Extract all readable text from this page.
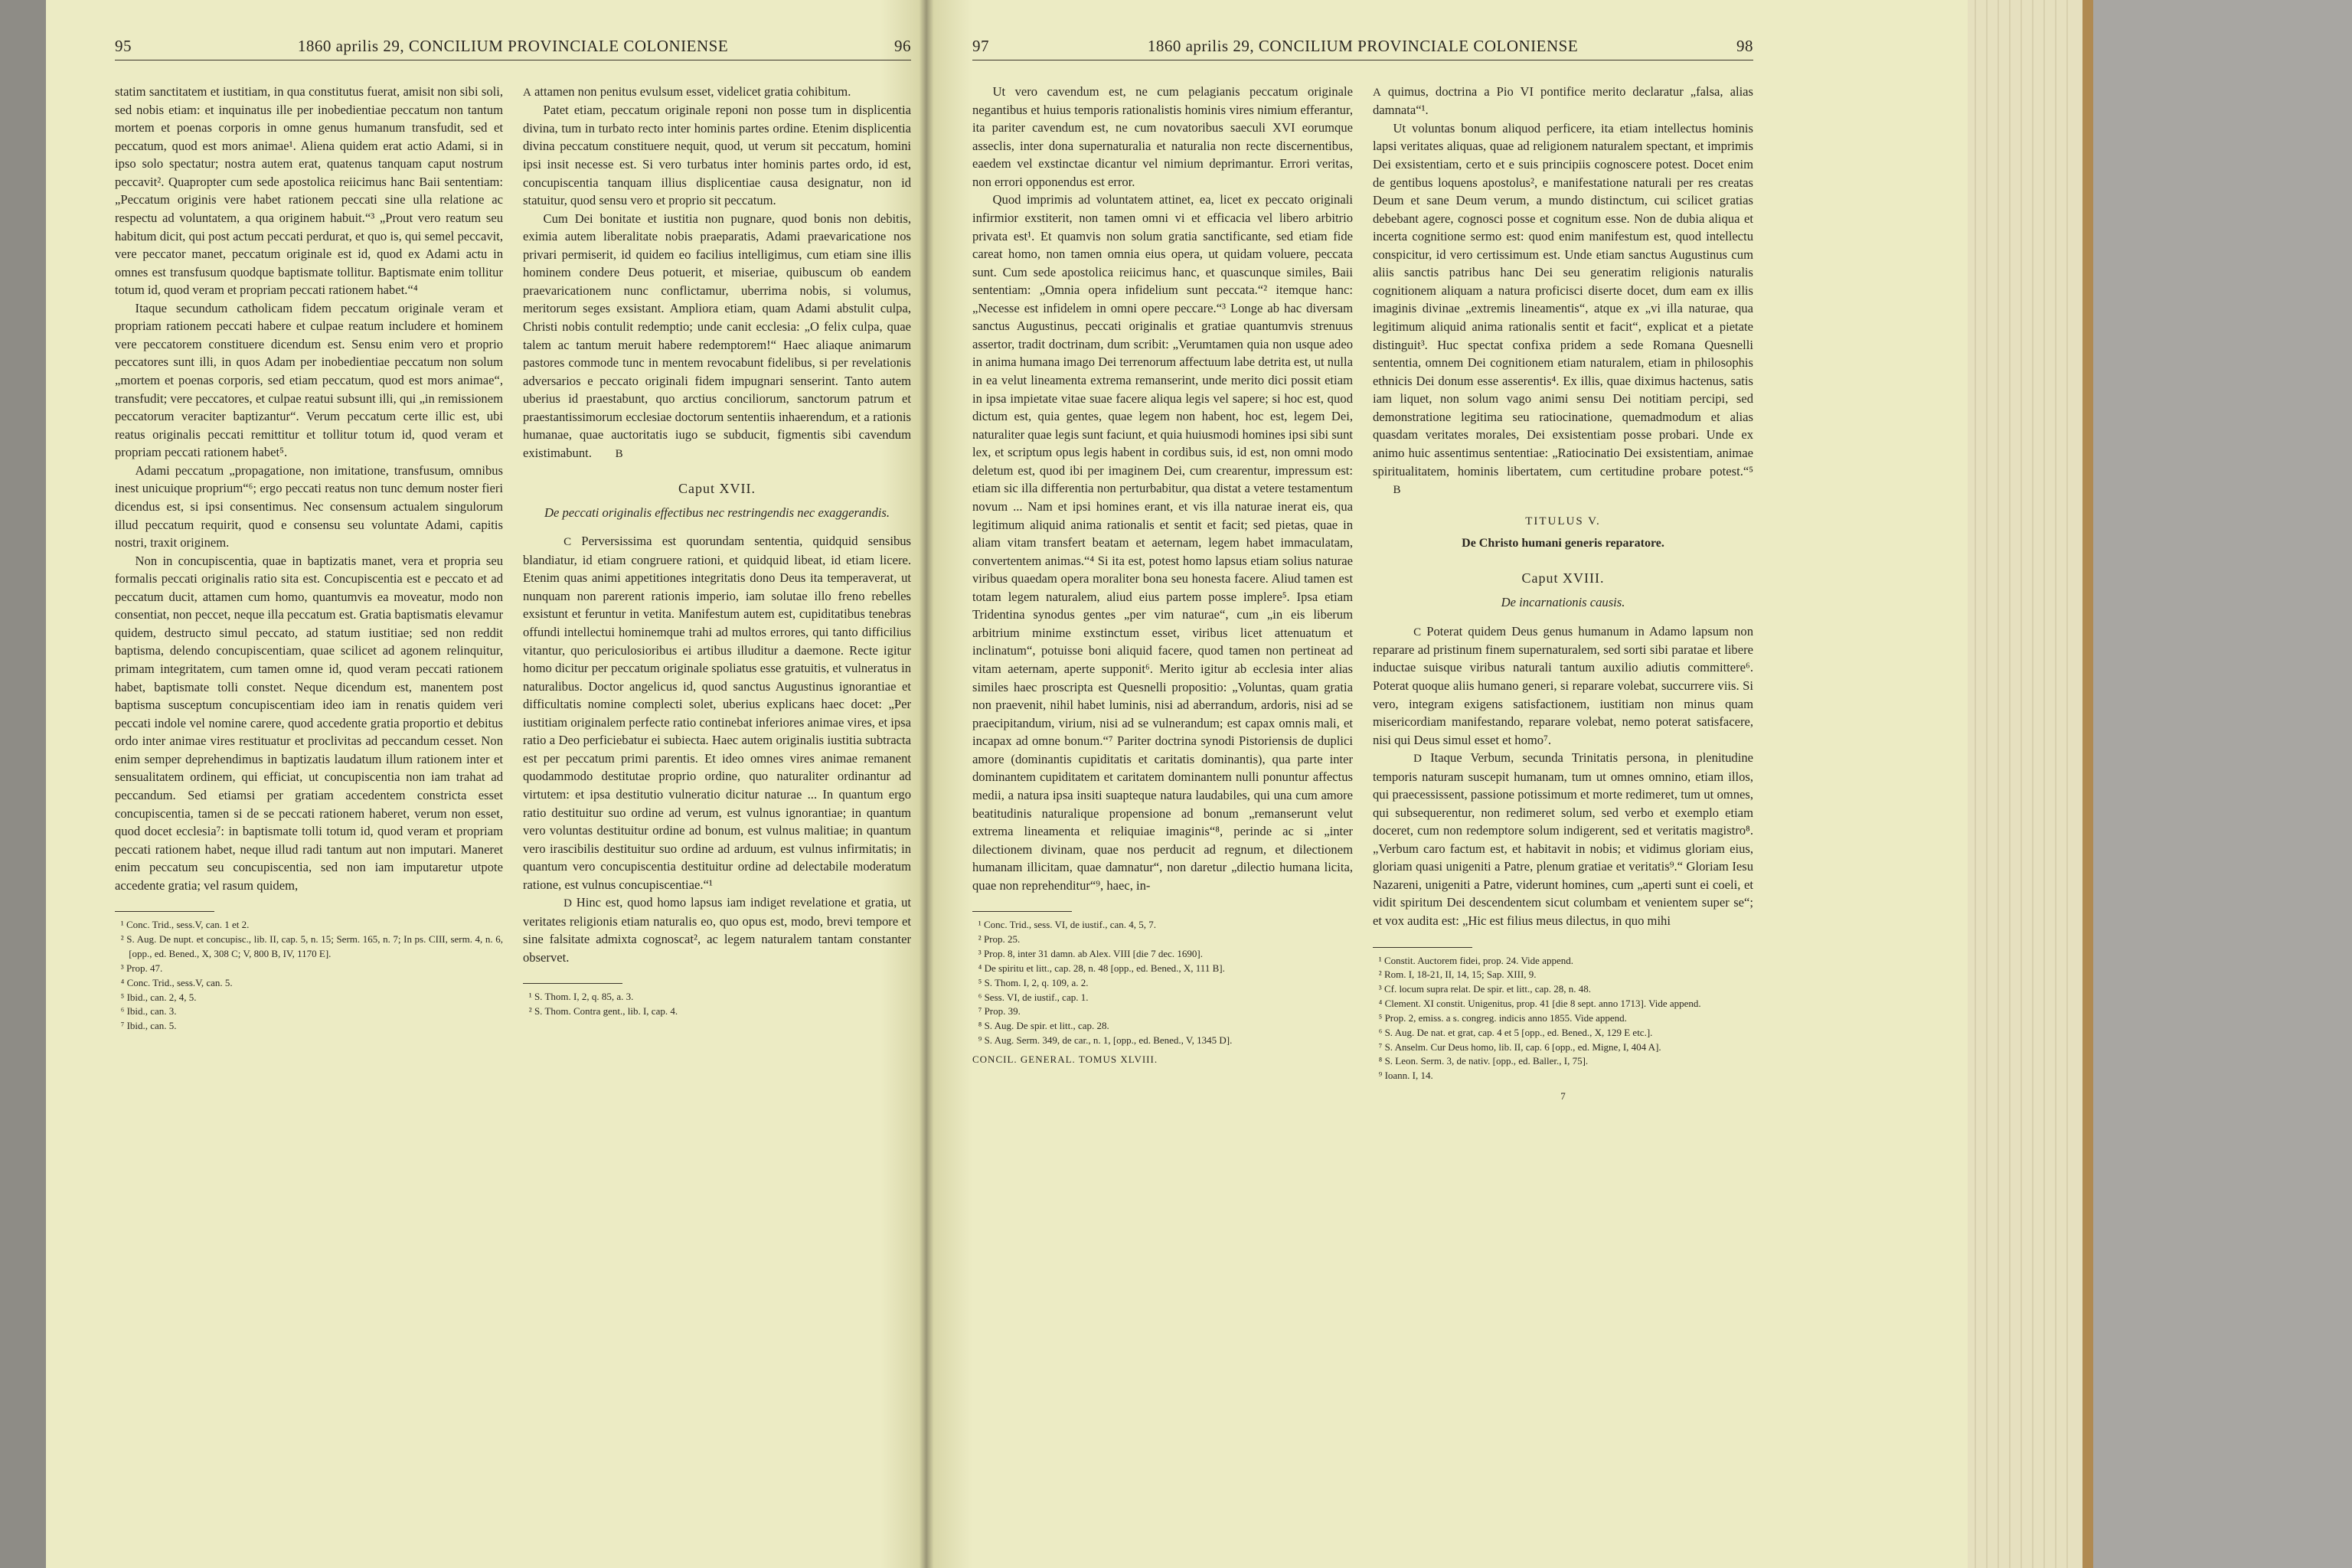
95	1860 aprilis 29, CONCILIUM PROVINCIALE COLONIENSE	96

statim sanctitatem et iustitiam, in qua constitutus fuerat, amisit non sibi soli, sed nobis etiam: et inquinatus ille per inobedientiae peccatum non tantum mortem et poenas corporis in omne genus humanum transfudit, sed et peccatum, quod est mors animae¹. Aliena quidem erat actio Adami, si in ipso solo spectatur; nostra autem erat, quatenus tanquam caput nostrum peccavit². Quapropter cum sede apostolica reiicimus hanc Baii sententiam: „Peccatum originis vere habet rationem peccati sine ulla relatione ac respectu ad voluntatem, a qua originem habuit.“³ „Prout vero reatum seu habitum dicit, qui post actum peccati perdurat, et quo is, qui semel peccavit, vere peccator manet, peccatum originale est id, quod ex Adami actu in omnes est transfusum quodque baptismate tollitur. Baptismate enim tollitur totum id, quod veram et propriam peccati rationem habet.“⁴

Itaque secundum catholicam fidem peccatum originale veram et propriam rationem peccati habere et culpae reatum includere et hominem vere peccatorem constituere dicendum est. Sensu enim vero et proprio peccatores sunt illi, in quos Adam per inobedientiae peccatum non solum „mortem et poenas corporis, sed etiam peccatum, quod est mors animae“, transfudit; vere peccatores, et culpae reatui subsunt illi, qui „in remissionem peccatorum veraciter baptizantur“. Verum peccatum certe illic est, ubi reatus originalis peccati remittitur et tollitur totum id, quod veram et propriam peccati rationem habet⁵.

Adami peccatum „propagatione, non imitatione, transfusum, omnibus inest unicuique proprium“⁶; ergo peccati reatus non tunc demum noster fieri dicendus est, si ipsi consentimus. Nec consensum actualem singulorum illud peccatum requirit, quod e consensu seu voluntate Adami, capitis nostri, traxit originem.

Non in concupiscentia, quae in baptizatis manet, vera et propria seu formalis peccati originalis ratio sita est. Concupiscentia est e peccato et ad peccatum ducit, attamen cum homo, quantumvis ea moveatur, modo non consentiat, non peccet, neque illa peccatum est. Gratia baptismatis elevamur quidem, destructo simul peccato, ad statum iustitiae; sed non reddit baptisma, delendo concupiscentiam, quae scilicet ad agonem relinquitur, primam integritatem, cum tamen omne id, quod veram peccati rationem habet, baptismate tolli constet. Neque dicendum est, manentem post baptisma susceptum concupiscentiam ideo iam in renatis quidem veri peccati indole vel nomine carere, quod accedente gratia proportio et debitus ordo inter animae vires restituatur et proclivitas ad peccandum cesset. Non enim semper deprehendimus in baptizatis laudatum illum rationem inter et sensualitatem ordinem, qui efficiat, ut concupiscentia non iam trahat ad peccandum. Sed etiamsi per gratiam accedentem constricta esset concupiscentia, tamen si de se peccati rationem haberet, verum non esset, quod docet ecclesia⁷: in baptismate tolli totum id, quod veram et propriam peccati rationem habet, neque illud radi tantum aut non imputari. Maneret enim peccatum seu concupiscentia, sed non iam imputaretur utpote accedente gratia; vel rasum quidem,

¹ Conc. Trid., sess.V, can. 1 et 2.
² S. Aug. De nupt. et concupisc., lib. II, cap. 5, n. 15; Serm. 165, n. 7; In ps. CIII, serm. 4, n. 6, [opp., ed. Bened., X, 308 C; V, 800 B, IV, 1170 E].
³ Prop. 47.
⁴ Conc. Trid., sess.V, can. 5.
⁵ Ibid., can. 2, 4, 5.
⁶ Ibid., can. 3.
⁷ Ibid., can. 5.

A attamen non penitus evulsum esset, videlicet gratia cohibitum.

Patet etiam, peccatum originale reponi non posse tum in displicentia divina, tum in turbato recto inter hominis partes ordine. Etenim displicentia divina peccatum constituere nequit, quod, ut verum sit peccatum, homini ipsi insit necesse est. Si vero turbatus inter hominis partes ordo, id est, concupiscentia tanquam illius displicentiae causa designatur, non id statuitur, quod sensu vero et proprio sit peccatum.

Cum Dei bonitate et iustitia non pugnare, quod bonis non debitis, eximia autem liberalitate nobis praeparatis, Adami praevaricatione nos privari permiserit, id quidem eo facilius intelligimus, cum etiam sine illis hominem condere Deus potuerit, et miseriae, quibuscum ob eandem praevaricationem nunc conflictamur, uberrima nobis, si volumus, meritorum seges exsistant. Ampliora etiam, quam Adami abstulit culpa, Christi nobis contulit redemptio; unde canit ecclesia: „O felix culpa, quae talem ac tantum meruit habere redemptorem!“ Haec aliaque animarum pastores commode tunc in mentem revocabunt fidelibus, si per revelationis adversarios e peccato originali fidem impugnari senserint. Tanto autem uberius id praestabunt, quo arctius conciliorum, sanctorum patrum et praestantissimorum ecclesiae doctorum sententiis inhaerendum, et a rationis humanae, quae auctoritatis iugo se subducit, figmentis sibi cavendum existimabunt. B

Caput XVII.
De peccati originalis effectibus nec restringendis nec exaggerandis.

C Perversissima est quorundam sententia, quidquid sensibus blandiatur, id etiam congruere rationi, et quidquid libeat, id etiam licere. Etenim quas animi appetitiones integritatis dono Deus ita temperaverat, ut nunquam non parerent rationis imperio, iam solutae illo freno rebelles exsistunt et feruntur in vetita. Manifestum autem est, cupiditatibus tenebras offundi intellectui hominemque trahi ad multos errores, qui tanto difficilius vitantur, quo periculosioribus ei artibus illuditur a daemone. Recte igitur homo dicitur per peccatum originale spoliatus esse gratuitis, et vulneratus in naturalibus. Doctor angelicus id, quod sanctus Augustinus ignorantiae et difficultatis nomine complecti solet, uberius explicans haec docet: „Per iustitiam originalem perfecte ratio continebat inferiores animae vires, et ipsa ratio a Deo perficiebatur ei subiecta. Haec autem originalis iustitia subtracta est per peccatum primi parentis. Et ideo omnes vires animae remanent quodammodo destitutae proprio ordine, quo naturaliter ordinantur ad virtutem: et ipsa destitutio vulneratio dicitur naturae ... In quantum ergo ratio destituitur suo ordine ad verum, est vulnus ignorantiae; in quantum vero voluntas destituitur ordine ad bonum, est vulnus malitiae; in quantum vero irascibilis destituitur suo ordine ad arduum, est vulnus infirmitatis; in quantum vero concupiscentia destituitur ordine ad delectabile moderatum ratione, est vulnus concupiscentiae.“¹

D Hinc est, quod homo lapsus iam indiget revelatione et gratia, ut veritates religionis etiam naturalis eo, quo opus est, modo, brevi tempore et sine falsitate admixta cognoscat², ac legem naturalem tantam constanter observet.

¹ S. Thom. I, 2, q. 85, a. 3.
² S. Thom. Contra gent., lib. I, cap. 4.
97	1860 aprilis 29, CONCILIUM PROVINCIALE COLONIENSE	98

Ut vero cavendum est, ne cum pelagianis peccatum originale negantibus et huius temporis rationalistis hominis vires nimium efferantur, ita pariter cavendum est, ne cum novatoribus saeculi XVI eorumque asseclis, inter dona supernaturalia et naturalia non recte discernentibus, eaedem vel exstinctae dicantur vel nimium deprimantur. Errori veritas, non errori opponendus est error.

Quod imprimis ad voluntatem attinet, ea, licet ex peccato originali infirmior exstiterit, non tamen omni vi et efficacia vel libero arbitrio privata est¹. Et quamvis non solum gratia sanctificante, sed etiam fide careat homo, non tamen omnia eius opera, ut quidam voluere, peccata sunt. Cum sede apostolica reiicimus hanc, et quascunque similes, Baii sententiam: „Omnia opera infidelium sunt peccata.“² itemque hanc: „Necesse est infidelem in omni opere peccare.“³ Longe ab hac diversam sanctus Augustinus, peccati originalis et gratiae quantumvis strenuus assertor, tradit doctrinam, dum scribit: „Verumtamen quia non usque adeo in anima humana imago Dei terrenorum affectuum labe detrita est, ut nulla in ea velut lineamenta extrema remanserint, unde merito dici possit etiam in ipsa impietate vitae suae facere aliqua legis vel sapere; si hoc est, quod dictum est, quia gentes, quae legem non habent, hoc est, legem Dei, naturaliter quae legis sunt faciunt, et quia huiusmodi homines ipsi sibi sunt lex, et scriptum opus legis habent in cordibus suis, id est, non omni modo deletum est, quod ibi per imaginem Dei, cum crearentur, impressum est: etiam sic illa differentia non perturbabitur, qua distat a vetere testamentum novum ... Nam et ipsi homines erant, et vis illa naturae inerat eis, qua legitimum aliquid anima rationalis et sentit et facit; sed pietas, quae in aliam vitam transfert beatam et aeternam, legem habet immaculatam, convertentem animas.“⁴ Si ita est, potest homo lapsus etiam solius naturae viribus quaedam opera moraliter bona seu honesta facere. Aliud tamen est totam legem naturalem, aliud eius partem posse implere⁵. Ipsa etiam Tridentina synodus gentes „per vim naturae“, cum „in eis liberum arbitrium minime exstinctum esset, viribus licet attenuatum et inclinatum“, potuisse boni aliquid facere, quod tamen non pertineat ad vitam aeternam, aperte supponit⁶. Merito igitur ab ecclesia inter alias similes haec proscripta est Quesnelli propositio: „Voluntas, quam gratia non praevenit, nihil habet luminis, nisi ad aberrandum, ardoris, nisi ad se praecipitandum, virium, nisi ad se vulnerandum; est capax omnis mali, et incapax ad omne bonum.“⁷ Pariter doctrina synodi Pistoriensis de duplici amore (dominantis cupiditatis et caritatis dominantis), qua parte inter dominantem cupiditatem et caritatem dominantem nulli ponuntur affectus medii, a natura ipsa insiti suapteque natura laudabiles, qui una cum amore beatitudinis naturalique propensione ad bonum „remanserunt velut extrema lineamenta et reliquiae imaginis“⁸, perinde ac si „inter dilectionem divinam, quae nos perducit ad regnum, et dilectionem humanam illicitam, quae damnatur“, non daretur „dilectio humana licita, quae non reprehenditur“⁹, haec, in-

¹ Conc. Trid., sess. VI, de iustif., can. 4, 5, 7.
² Prop. 25.
³ Prop. 8, inter 31 damn. ab Alex. VIII [die 7 dec. 1690].
⁴ De spiritu et litt., cap. 28, n. 48 [opp., ed. Bened., X, 111 B].
⁵ S. Thom. I, 2, q. 109, a. 2.
⁶ Sess. VI, de iustif., cap. 1.
⁷ Prop. 39.
⁸ S. Aug. De spir. et litt., cap. 28.
⁹ S. Aug. Serm. 349, de car., n. 1, [opp., ed. Bened., V, 1345 D].
CONCIL. GENERAL. TOMUS XLVIII.

A quimus, doctrina a Pio VI pontifice merito declaratur „falsa, alias damnata“¹.

Ut voluntas bonum aliquod perficere, ita etiam intellectus hominis lapsi veritates aliquas, quae ad religionem naturalem spectant, et imprimis Dei exsistentiam, certo et e suis principiis cognoscere potest. Docet enim de gentibus loquens apostolus², e manifestatione naturali per res creatas Deum et sane Deum verum, a mundo distinctum, cui scilicet gratias debebant agere, cognosci posse et cognitum esse. Non de dubia aliqua et incerta cognitione sermo est: quod enim manifestum est, quod intellectu conspicitur, id vero certissimum est. Unde etiam sanctus Augustinus cum aliis sanctis patribus hanc Dei seu generatim religionis naturalis cognitionem aliquam a natura proficisci diserte docet, dum eam ex illis imaginis divinae „extremis lineamentis“, atque ex „vi illa naturae, qua legitimum aliquid anima rationalis sentit et facit“, explicat et a pietate distinguit³. Huc spectat confixa pridem a sede Romana Quesnelli sententia, omnem Dei cognitionem etiam naturalem, etiam in philosophis ethnicis Dei donum esse asserentis⁴. Ex illis, quae diximus hactenus, satis iam liquet, non solum vago animi sensu Dei notitiam percipi, sed demonstratione legitima seu ratiocinatione, quemadmodum et alias quasdam veritates morales, Dei exsistentiam posse probari. Unde ex animo huic assentimus sententiae: „Ratiocinatio Dei exsistentiam, animae spiritualitatem, hominis libertatem, cum certitudine probare potest.“⁵ B

TITULUS V.
De Christo humani generis reparatore.
Caput XVIII.
De incarnationis causis.

C Poterat quidem Deus genus humanum in Adamo lapsum non reparare ad pristinum finem supernaturalem, sed sorti sibi paratae et libere inductae suisque viribus naturali tantum auxilio adiutis committere⁶. Poterat quoque aliis humano generi, si reparare volebat, succurrere viis. Si vero, integram exigens satisfactionem, iustitiam non minus quam misericordiam manifestando, reparare volebat, nemo poterat satisfacere, nisi qui Deus simul esset et homo⁷.

D Itaque Verbum, secunda Trinitatis persona, in plenitudine temporis naturam suscepit humanam, tum ut omnes omnino, etiam illos, qui praecessissent, passione potissimum et morte redimeret, tum ut omnes, qui subsequerentur, non redimeret solum, sed verbo et exemplo etiam doceret, cum non redemptore solum indigerent, sed et veritatis magistro⁸. „Verbum caro factum est, et habitavit in nobis; et vidimus gloriam eius, gloriam quasi unigeniti a Patre, plenum gratiae et veritatis⁹.“ Gloriam Iesu Nazareni, unigeniti a Patre, viderunt homines, cum „aperti sunt ei coeli, et vidit spiritum Dei descendentem sicut columbam et venientem super se“; et vox audita est: „Hic est filius meus dilectus, in quo mihi

¹ Constit. Auctorem fidei, prop. 24. Vide append.
² Rom. I, 18-21, II, 14, 15; Sap. XIII, 9.
³ Cf. locum supra relat. De spir. et litt., cap. 28, n. 48.
⁴ Clement. XI constit. Unigenitus, prop. 41 [die 8 sept. anno 1713]. Vide append.
⁵ Prop. 2, emiss. a s. congreg. indicis anno 1855. Vide append.
⁶ S. Aug. De nat. et grat, cap. 4 et 5 [opp., ed. Bened., X, 129 E etc.].
⁷ S. Anselm. Cur Deus homo, lib. II, cap. 6 [opp., ed. Migne, I, 404 A].
⁸ S. Leon. Serm. 3, de nativ. [opp., ed. Baller., I, 75].
⁹ Ioann. I, 14.
7
